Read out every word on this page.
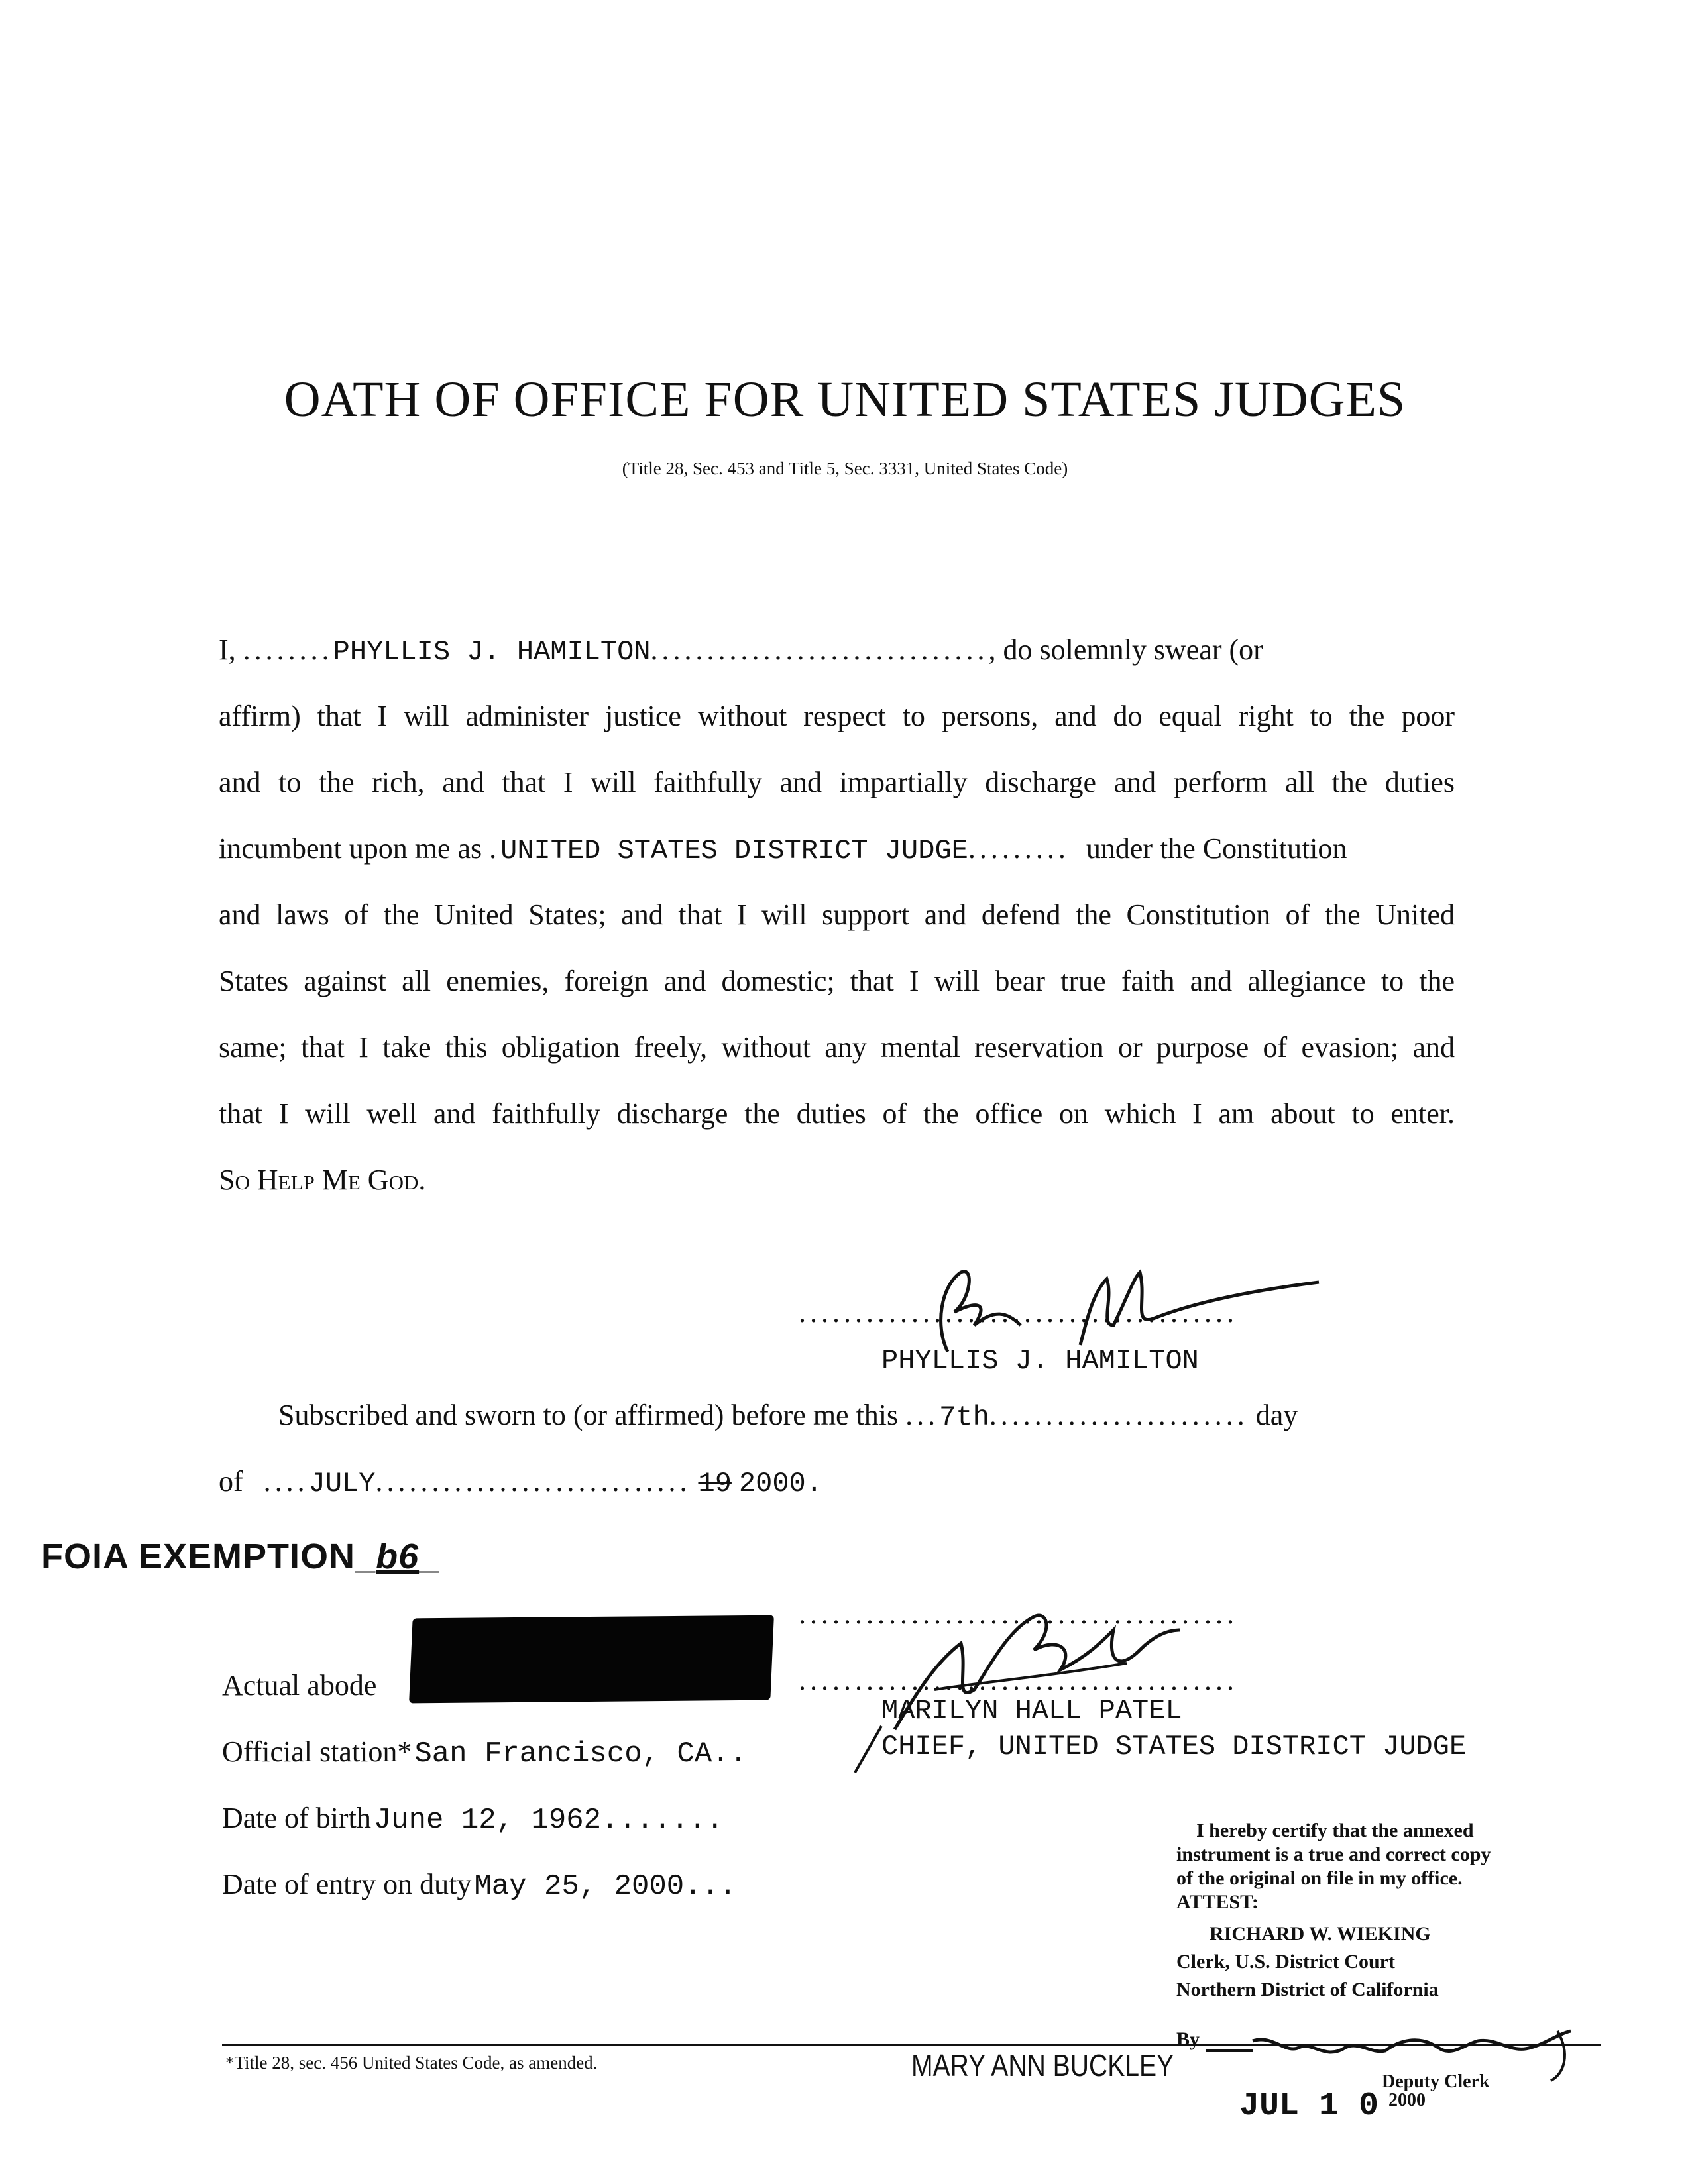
OATH OF OFFICE FOR UNITED STATES JUDGES
(Title 28, Sec. 453 and Title 5, Sec. 3331, United States Code)
I, ........PHYLLIS J. HAMILTON.............................., do solemnly swear (or
affirm) that I will administer justice without respect to persons, and do equal right to the poor
and to the rich, and that I will faithfully and impartially discharge and perform all the duties
incumbent upon me as .UNITED STATES DISTRICT JUDGE......... under the Constitution
and laws of the United States; and that I will support and defend the Constitution of the United
States against all enemies, foreign and domestic; that I will bear true faith and allegiance to the
same; that I take this obligation freely, without any mental reservation or purpose of evasion; and
that I will well and faithfully discharge the duties of the office on which I am about to enter.
So Help Me God.
.......................................
PHYLLIS J. HAMILTON
Subscribed and sworn to (or affirmed) before me this ...7th....................... day
of ....JULY............................ 19 2000.
FOIA EXEMPTION_b6_
Actual abode
Official station* San Francisco, CA..
Date of birth June 12, 1962.......
Date of entry on duty May 25, 2000...
.......................................
.......................................
MARILYN HALL PATEL
CHIEF, UNITED STATES DISTRICT JUDGE
I hereby certify that the annexed
instrument is a true and correct copy
of the original on file in my office.
ATTEST:
RICHARD W. WIEKING
Clerk, U.S. District Court
Northern District of California
*Title 28, sec. 456 United States Code, as amended.	MARY ANN BUCKLEY
By
JUL 1 0
Deputy Clerk
2000
